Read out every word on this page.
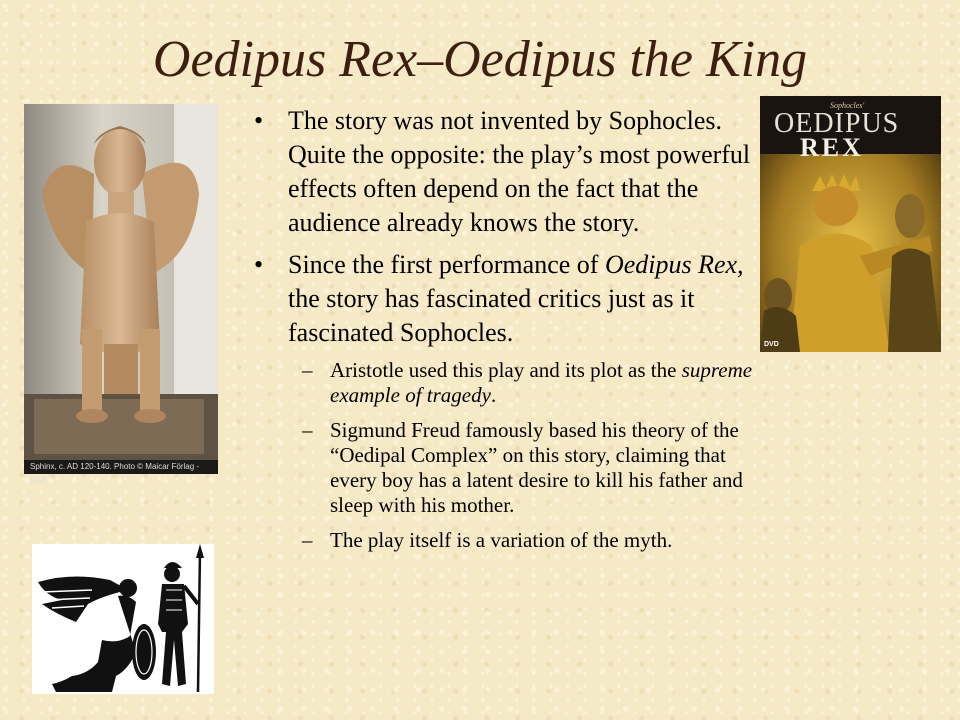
Oedipus Rex–Oedipus the King
Sphinx, c. AD 120-140. Photo © Maicar Förlag - GML
Sophocles'
OEDIPUS
REX
DVD
• The story was not invented by Sophocles. Quite the opposite: the play’s most powerful effects often depend on the fact that the audience already knows the story.
• Since the first performance of Oedipus Rex, the story has fascinated critics just as it fascinated Sophocles.
– Aristotle used this play and its plot as the supreme example of tragedy.
– Sigmund Freud famously based his theory of the “Oedipal Complex” on this story, claiming that every boy has a latent desire to kill his father and sleep with his mother.
– The play itself is a variation of the myth.
